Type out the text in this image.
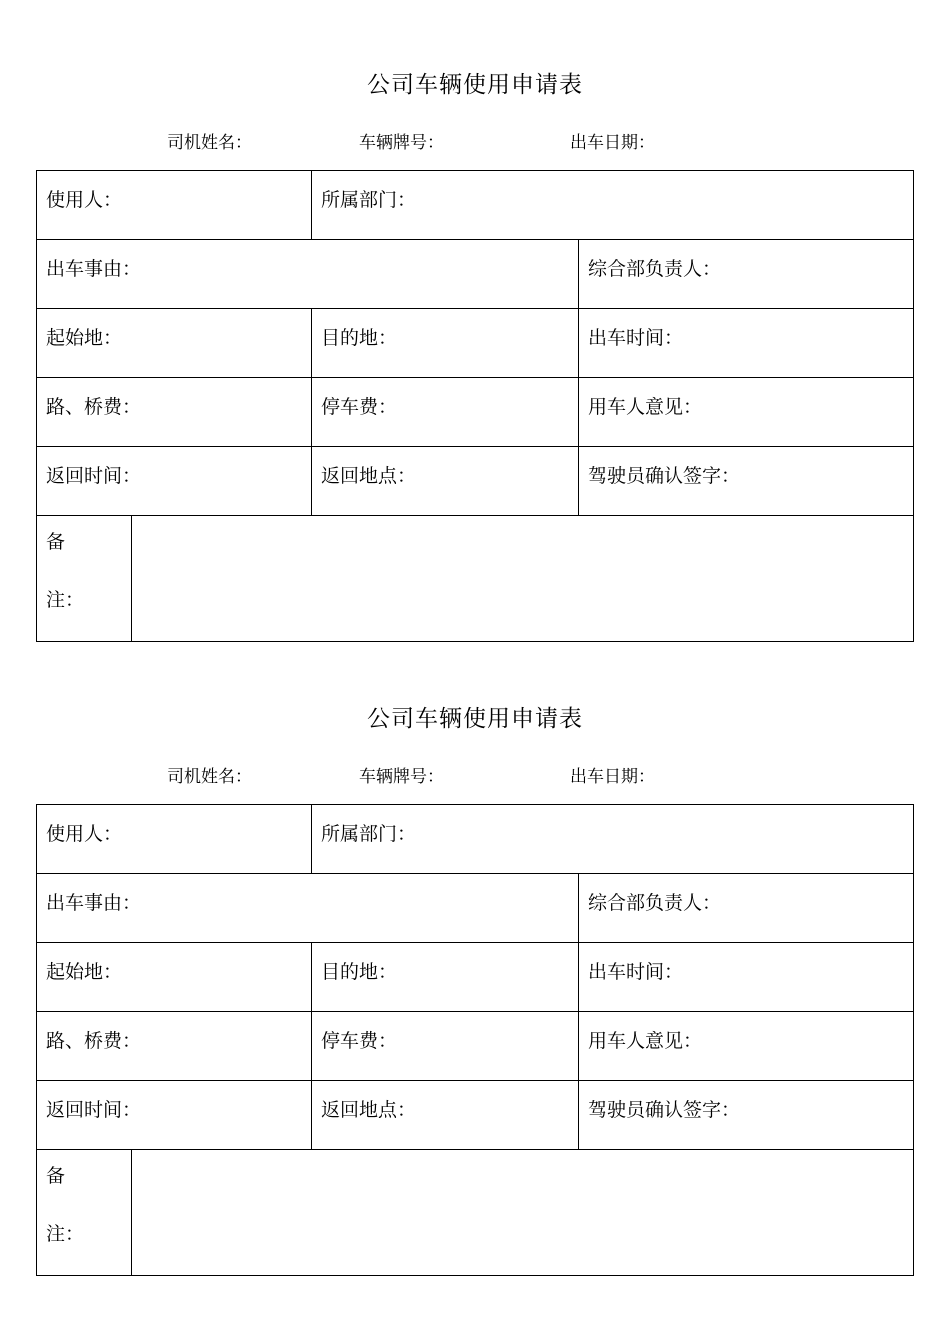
公司车辆使用申请表
司机姓名：	车辆牌号：	出车日期：
使用人：		所属部门：	

出车事由：			综合部负责人：

起始地：		目的地：	出车时间：

路、桥费：		停车费：	用车人意见：

返回时间：		返回地点：	驾驶员确认签字：

备
注：			

公司车辆使用申请表
司机姓名：	车辆牌号：	出车日期：
使用人：		所属部门：	

出车事由：			综合部负责人：

起始地：		目的地：	出车时间：

路、桥费：		停车费：	用车人意见：

返回时间：		返回地点：	驾驶员确认签字：

备
注：			
